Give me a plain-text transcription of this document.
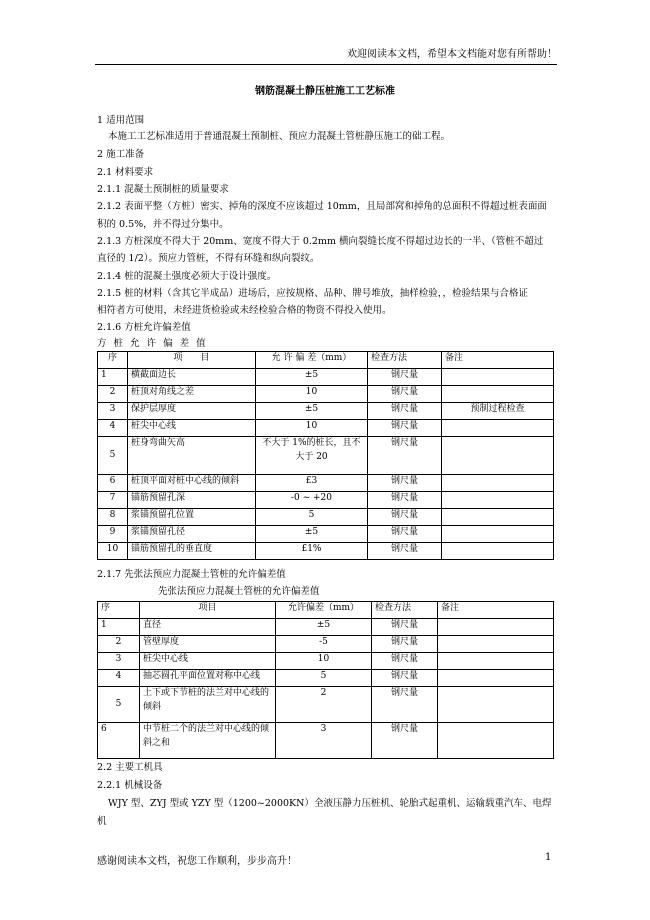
欢迎阅读本文档，希望本文档能对您有所帮助！
钢筋混凝土静压桩施工工艺标准
1 适用范围
本施工工艺标准适用于普通混凝土预制桩、预应力混凝土管桩静压施工的础工程。
2 施工准备
2.1 材料要求
2.1.1 混凝土预制桩的质量要求
2.1.2 表面平整（方桩）密实、掉角的深度不应该超过 10mm，且局部窝和掉角的总面积不得超过桩表面面
积的 0.5%，并不得过分集中。
2.1.3 方桩深度不得大于 20mm、宽度不得大于 0.2mm 横向裂缝长度不得超过边长的一半、（管桩不超过
直径的 1/2）。预应力管桩，不得有环缝和纵向裂纹。
2.1.4 桩的混凝土强度必须大于设计强度。
2.1.5 桩的材料（含其它半成品）进场后，应按规格、品种、牌号堆放，抽样检验，，检验结果与合格证
相符者方可使用，未经进货检验或未经检验合格的物资不得投入使用。
2.1.6 方桩允许偏差值
方 桩 允 许 偏 差 值
序	项　　目	允 许 偏 差（mm）	检查方法	备注
1	横截面边长	±5	钢尺量	
2	桩顶对角线之差	10	钢尺量	
3	保护层厚度	±5	钢尺量	预制过程检查
4	桩尖中心线	10	钢尺量	
5	桩身弯曲矢高	不大于 1%的桩长，且不大于 20	钢尺量	
6	桩顶平面对桩中心线的倾斜	£3	钢尺量	
7	锚筋预留孔深	-0 ~ +20	钢尺量	
8	浆锚预留孔位置	5	钢尺量	
9	浆锚预留孔径	±5	钢尺量	
10	锚筋预留孔的垂直度	£1%	钢尺量	
2.1.7 先张法预应力混凝土管桩的允许偏差值
先张法预应力混凝土管桩的允许偏差值
序	项目	允许偏差（mm）	检查方法	备注
1	直径	±5	钢尺量	
2	管壁厚度	-5	钢尺量	
3	桩尖中心线	10	钢尺量	
4	抽芯圆孔平面位置对称中心线	5	钢尺量	
5	上下或下节桩的法兰对中心线的倾斜	2	钢尺量	
6	中节桩二个的法兰对中心线的倾斜之和	3	钢尺量	
2.2 主要工机具
2.2.1 机械设备
WJY 型、ZYJ 型或 YZY 型（1200~2000KN）全液压静力压桩机、轮胎式起重机、运输载重汽车、电焊
机
感谢阅读本文档，祝您工作顺利，步步高升！	1
